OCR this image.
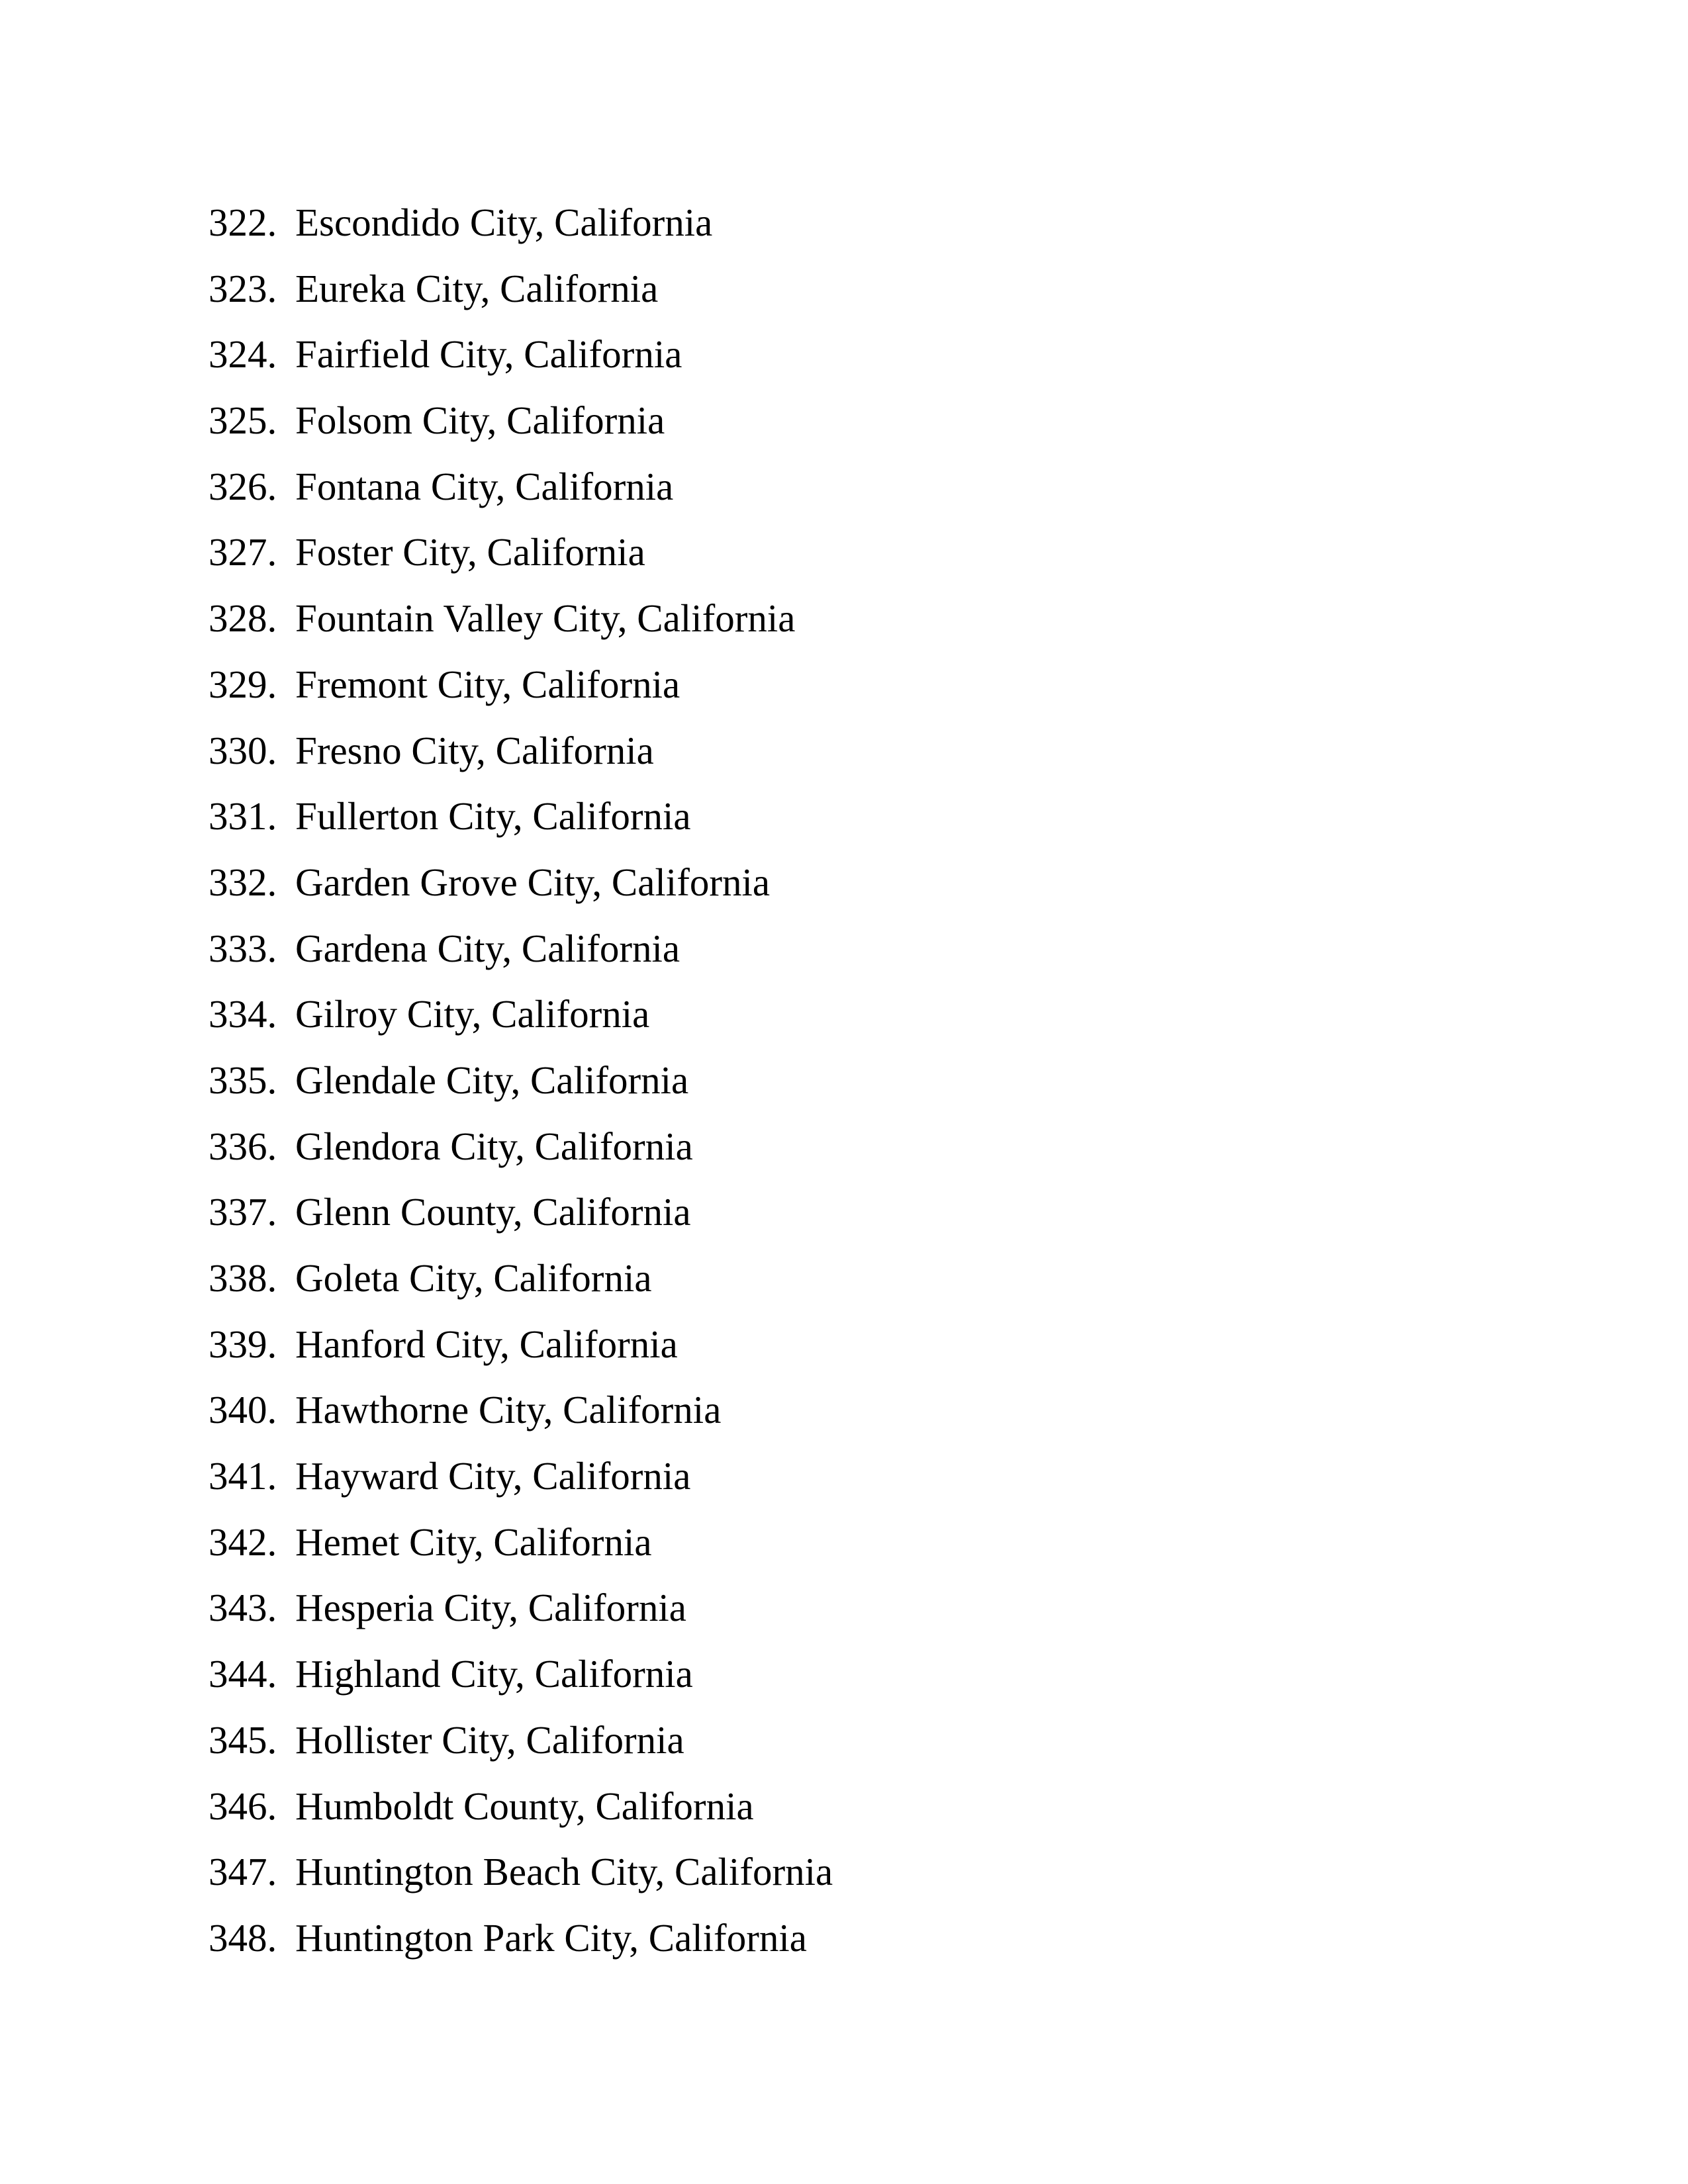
322. Escondido City, California
323. Eureka City, California
324. Fairfield City, California
325. Folsom City, California
326. Fontana City, California
327. Foster City, California
328. Fountain Valley City, California
329. Fremont City, California
330. Fresno City, California
331. Fullerton City, California
332. Garden Grove City, California
333. Gardena City, California
334. Gilroy City, California
335. Glendale City, California
336. Glendora City, California
337. Glenn County, California
338. Goleta City, California
339. Hanford City, California
340. Hawthorne City, California
341. Hayward City, California
342. Hemet City, California
343. Hesperia City, California
344. Highland City, California
345. Hollister City, California
346. Humboldt County, California
347. Huntington Beach City, California
348. Huntington Park City, California
